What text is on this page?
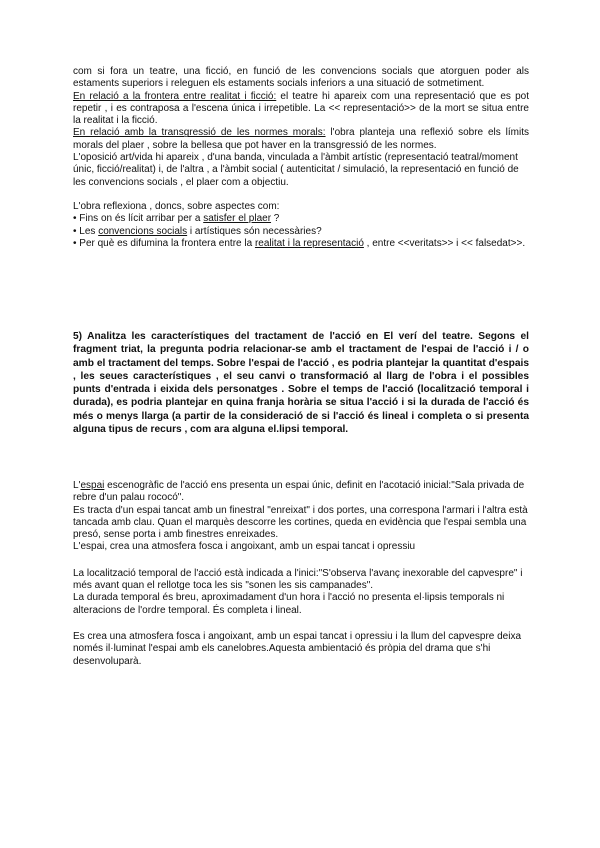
com si fora un teatre, una ficció, en funció de les convencions socials que atorguen poder als estaments superiors i releguen els estaments socials inferiors a una situació de sotmetiment.

En relació a la frontera entre realitat i ficció: el teatre hi apareix com una representació que es pot repetir , i es contraposa a l'escena única i irrepetible. La << representació>> de la mort se situa entre la realitat i la ficció.

En relació amb la transgressió de les normes morals: l'obra planteja una reflexió sobre els límits morals del plaer , sobre la bellesa que pot haver en la transgressió de les normes.

L'oposició art/vida hi apareix , d'una banda, vinculada a l'àmbit artístic (representació teatral/moment únic, ficció/realitat) i, de l'altra , a l'àmbit social ( autenticitat / simulació, la representació en funció de les convencions socials , el plaer com a objectiu.

L'obra reflexiona , doncs, sobre aspectes com:

• Fins on és lícit arribar per a satisfer el plaer ?

• Les convencions socials i artístiques són necessàries?

• Per què es difumina la frontera entre la realitat i la representació , entre <<veritats>> i << falsedat>>.

5) Analitza les característiques del tractament de l'acció en El verí del teatre. Segons el fragment triat, la pregunta podria relacionar-se amb el tractament de l'espai de l'acció i / o amb el tractament del temps. Sobre l'espai de l'acció , es podria plantejar la quantitat d'espais , les seues característiques , el seu canvi o transformació al llarg de l'obra i el possibles punts d'entrada i eixida dels personatges . Sobre el temps de l'acció (localització temporal i durada), es podria plantejar en quina franja horària se situa l'acció i si la durada de l'acció és més o menys llarga (a partir de la consideració de si l'acció és lineal i completa o si presenta alguna tipus de recurs , com ara alguna el.lipsi temporal.

L'espai escenogràfic de l'acció ens presenta un espai únic, definit en l'acotació inicial:"Sala privada de rebre d'un palau rococó".

Es tracta d'un espai tancat amb un finestral "enreixat" i dos portes, una correspona l'armari i l'altra està tancada amb clau. Quan el marquès descorre les cortines, queda en evidència que l'espai sembla una presó, sense porta i amb finestres enreixades.

L'espai, crea una atmosfera fosca i angoixant, amb un espai tancat i opressiu

La localització temporal de l'acció està indicada a l'inici:"S'observa l'avanç inexorable del capvespre" i més avant quan el rellotge toca les sis "sonen les sis campanades".

La durada temporal és breu, aproximadament d'un hora i l'acció no presenta el·lipsis temporals ni alteracions de l'ordre temporal. És completa i lineal.

Es crea una atmosfera fosca i angoixant, amb un espai tancat i opressiu i la llum del capvespre deixa només il·luminat l'espai amb els canelobres.Aquesta ambientació és pròpia del drama que s'hi desenvoluparà.
